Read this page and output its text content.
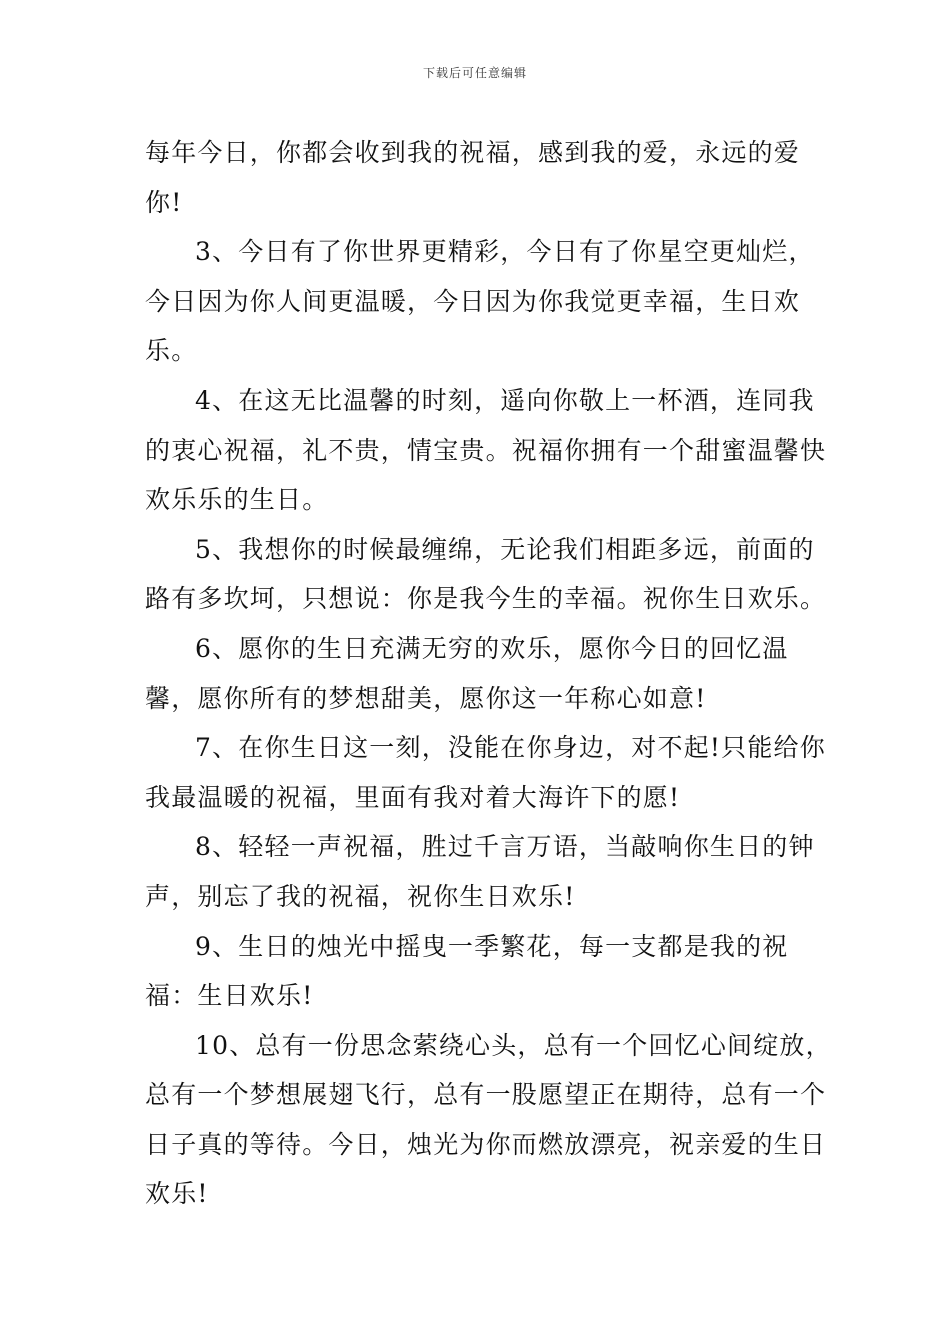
下载后可任意编辑

每年今日，你都会收到我的祝福，感到我的爱，永远的爱你!

3、今日有了你世界更精彩，今日有了你星空更灿烂，今日因为你人间更温暖，今日因为你我觉更幸福，生日欢乐。

4、在这无比温馨的时刻，遥向你敬上一杯酒，连同我的衷心祝福，礼不贵，情宝贵。祝福你拥有一个甜蜜温馨快欢乐乐的生日。

5、我想你的时候最缠绵，无论我们相距多远，前面的路有多坎坷，只想说：你是我今生的幸福。祝你生日欢乐。

6、愿你的生日充满无穷的欢乐，愿你今日的回忆温馨，愿你所有的梦想甜美，愿你这一年称心如意!

7、在你生日这一刻，没能在你身边，对不起!只能给你我最温暖的祝福，里面有我对着大海许下的愿!

8、轻轻一声祝福，胜过千言万语，当敲响你生日的钟声，别忘了我的祝福，祝你生日欢乐!

9、生日的烛光中摇曳一季繁花，每一支都是我的祝福：生日欢乐!

10、总有一份思念萦绕心头，总有一个回忆心间绽放，总有一个梦想展翅飞行，总有一股愿望正在期待，总有一个日子真的等待。今日，烛光为你而燃放漂亮，祝亲爱的生日欢乐!
